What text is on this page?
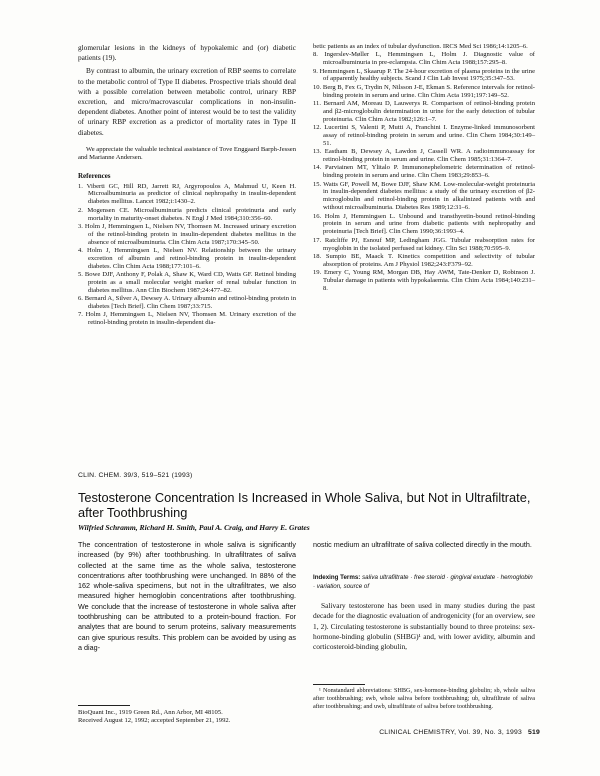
glomerular lesions in the kidneys of hypokalemic and (or) diabetic patients (19).

By contrast to albumin, the urinary excretion of RBP seems to correlate to the metabolic control of Type II diabetes. Prospective trials should deal with a possible correlation between metabolic control, urinary RBP excretion, and micro/macrovascular complications in non-insulin-dependent diabetes. Another point of interest would be to test the validity of urinary RBP excretion as a predictor of mortality rates in Type II diabetes.

We appreciate the valuable technical assistance of Tove Enggaard Barph-Jessen and Marianne Andersen.

References
1. Viberti GC, Hill RD, Jarrett RJ, Argyropoulos A, Mahmud U, Keen H. Microalbuminuria as predictor of clinical nephropathy in insulin-dependent diabetes mellitus. Lancet 1982;i:1430–2.
2. Mogensen CE. Microalbuminuria predicts clinical proteinuria and early mortality in maturity-onset diabetes. N Engl J Med 1984;310:356–60.
3. Holm J, Hemmingsen L, Nielsen NV, Thomsen M. Increased urinary excretion of the retinol-binding protein in insulin-dependent diabetes mellitus in the absence of microalbuminuria. Clin Chim Acta 1987;170:345–50.
4. Holm J, Hemmingsen L, Nielsen NV. Relationship between the urinary excretion of albumin and retinol-binding protein in insulin-dependent diabetes. Clin Chim Acta 1988;177:101–6.
5. Bowe DJF, Anthony F, Polak A, Shaw K, Ward CD, Watts GF. Retinol binding protein as a small molecular weight marker of renal tubular function in diabetes mellitus. Ann Clin Biochem 1987;24:477–82.
6. Bernard A, Silver A, Dewsey A. Urinary albumin and retinol-binding protein in diabetes [Tech Brief]. Clin Chem 1987;33:715.
7. Holm J, Hemmingsen L, Nielsen NV, Thomsen M. Urinary excretion of the retinol-binding protein in insulin-dependent dia-
betic patients as an index of tubular dysfunction. IRCS Med Sci 1986;14:1205–6.
8. Ingerslev-Møller L, Hemmingsen L, Holm J. Diagnostic value of microalbuminuria in pre-eclampsia. Clin Chim Acta 1988;157:295–8.
9. Hemmingsen L, Skaarup P. The 24-hour excretion of plasma proteins in the urine of apparently healthy subjects. Scand J Clin Lab Invest 1975;35:347–53.
10. Berg B, Fex G, Trydin N, Nilsson J-E, Ekman S. Reference intervals for retinol-binding protein in serum and urine. Clin Chim Acta 1991;197:149–52.
11. Bernard AM, Moreau D, Lauwerys R. Comparison of retinol-binding protein and β2-microglobulin determination in urine for the early detection of tubular proteinuria. Clin Chim Acta 1982;126:1–7.
12. Lucertini S, Valenti P, Mutti A, Franchini I. Enzyme-linked immunosorbent assay of retinol-binding protein in serum and urine. Clin Chem 1984;30:149–51.
13. Eastham B, Dewsey A, Lawdon J, Cassell WR. A radioimmunoassay for retinol-binding protein in serum and urine. Clin Chem 1985;31:1364–7.
14. Parviainen MT, Ylitalo P. Immunonephelometric determination of retinol-binding protein in serum and urine. Clin Chem 1983;29:853–6.
15. Watts GF, Powell M, Bowe DJF, Shaw KM. Low-molecular-weight proteinuria in insulin-dependent diabetes mellitus: a study of the urinary excretion of β2-microglobulin and retinol-binding protein in alkalinized patients with and without microalbuminuria. Diabetes Res 1989;12:31–6.
16. Holm J, Hemmingsen L. Unbound and transthyretin-bound retinol-binding protein in serum and urine from diabetic patients with nephropathy and proteinuria [Tech Brief]. Clin Chem 1990;36:1993–4.
17. Ratcliffe PJ, Esnouf MP, Ledingham JGG. Tubular reabsorption rates for myoglobin in the isolated perfused rat kidney. Clin Sci 1988;70:595–9.
18. Sumpio BE, Maack T. Kinetics competition and selectivity of tubular absorption of proteins. Am J Physiol 1982;243:F379–92.
19. Emery C, Young RM, Morgan DB, Hay AWM, Tate-Denker D, Robinson J. Tubular damage in patients with hypokalaemia. Clin Chim Acta 1984;140:231–8.
CLIN. CHEM. 39/3, 519–521 (1993)
Testosterone Concentration Is Increased in Whole Saliva, but Not in Ultrafiltrate, after Toothbrushing
Wilfried Schramm, Richard H. Smith, Paul A. Craig, and Harry E. Grates

The concentration of testosterone in whole saliva is significantly increased (by 9%) after toothbrushing. In ultrafiltrates of saliva collected at the same time as the whole saliva, testosterone concentrations after toothbrushing were unchanged. In 88% of the 162 whole-saliva specimens, but not in the ultrafiltrates, we also measured higher hemoglobin concentrations after toothbrushing. We conclude that the increase of testosterone in whole saliva after toothbrushing can be attributed to a protein-bound fraction. For analytes that are bound to serum proteins, salivary measurements can give spurious results. This problem can be avoided by using as a diag-

nostic medium an ultrafiltrate of saliva collected directly in the mouth.

Indexing Terms: saliva ultrafiltrate · free steroid · gingival exudate · hemoglobin · variation, source of

Salivary testosterone has been used in many studies during the past decade for the diagnostic evaluation of androgenicity (for an overview, see 1, 2). Circulating testosterone is substantially bound to three proteins: sex-hormone-binding globulin (SHBG)¹ and, with lower avidity, albumin and corticosteroid-binding globulin,

¹ Nonstandard abbreviations: SHBG, sex-hormone-binding globulin; sb, whole saliva after toothbrushing; swb, whole saliva before toothbrushing; ub, ultrafiltrate of saliva after toothbrushing; and uwb, ultrafiltrate of saliva before toothbrushing.

BioQuant Inc., 1919 Green Rd., Ann Arbor, MI 48105.
Received August 12, 1992; accepted September 21, 1992.
CLINICAL CHEMISTRY, Vol. 39, No. 3, 1993 519
